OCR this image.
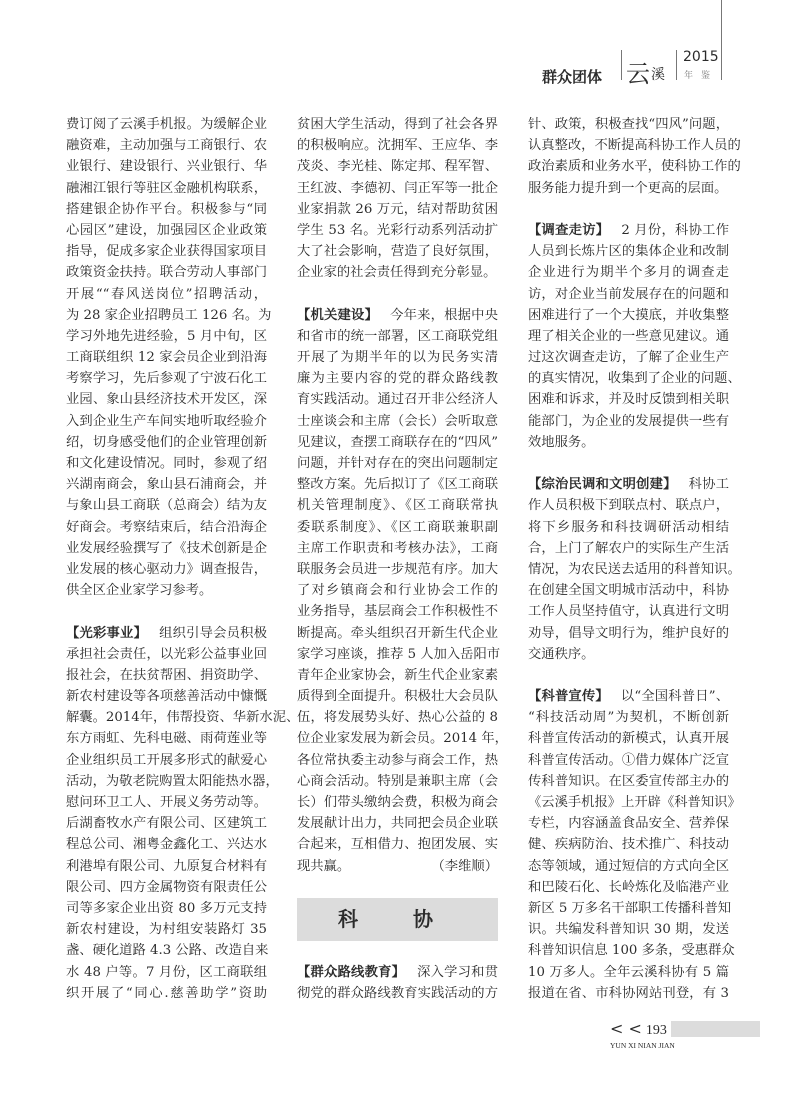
群众团体 云 溪
2015
年鉴
费订阅了云溪手机报。为缓解企业
融资难，主动加强与工商银行、农
业银行、建设银行、兴业银行、华
融湘江银行等驻区金融机构联系，
搭建银企协作平台。积极参与“同
心园区”建设，加强园区企业政策
指导，促成多家企业获得国家项目
政策资金扶持。联合劳动人事部门
开展““春风送岗位”招聘活动，
为 28 家企业招聘员工 126 名。为
学习外地先进经验，5 月中旬，区
工商联组织 12 家会员企业到沿海
考察学习，先后参观了宁波石化工
业园、象山县经济技术开发区，深
入到企业生产车间实地听取经验介
绍，切身感受他们的企业管理创新
和文化建设情况。同时，参观了绍
兴湖南商会，象山县石浦商会，并
与象山县工商联（总商会）结为友
好商会。考察结束后，结合沿海企
业发展经验撰写了《技术创新是企
业发展的核心驱动力》调查报告，
供全区企业家学习参考。
【光彩事业】 组织引导会员积极
承担社会责任，以光彩公益事业回
报社会，在扶贫帮困、捐资助学、
新农村建设等各项慈善活动中慷慨
解囊。2014年，伟帮投资、华新水泥、
东方雨虹、先科电磁、雨荷莲业等
企业组织员工开展多形式的献爱心
活动，为敬老院购置太阳能热水器，
慰问环卫工人、开展义务劳动等。
后湖畜牧水产有限公司、区建筑工
程总公司、湘粤金鑫化工、兴达水
利港埠有限公司、九原复合材料有
限公司、四方金属物资有限责任公
司等多家企业出资 80 多万元支持
新农村建设，为村组安装路灯 35
盏、硬化道路 4.3 公路、改造自来
水 48 户等。7 月份，区工商联组
织开展了“同心.慈善助学”资助
贫困大学生活动，得到了社会各界
的积极响应。沈拥军、王应华、李
茂炎、李光桂、陈定邦、程军智、
王红波、李德初、闫正军等一批企
业家捐款 26 万元，结对帮助贫困
学生 53 名。光彩行动系列活动扩
大了社会影响，营造了良好氛围，
企业家的社会责任得到充分彰显。
【机关建设】 今年来，根据中央
和省市的统一部署，区工商联党组
开展了为期半年的以为民务实清
廉为主要内容的党的群众路线教
育实践活动。通过召开非公经济人
士座谈会和主席（会长）会听取意
见建议，查摆工商联存在的“四风”
问题，并针对存在的突出问题制定
整改方案。先后拟订了《区工商联
机关管理制度》、《区工商联常执
委联系制度》、《区工商联兼职副
主席工作职责和考核办法》，工商
联服务会员进一步规范有序。加大
了对乡镇商会和行业协会工作的
业务指导，基层商会工作积极性不
断提高。牵头组织召开新生代企业
家学习座谈，推荐 5 人加入岳阳市
青年企业家协会，新生代企业家素
质得到全面提升。积极壮大会员队
伍，将发展势头好、热心公益的 8
位企业家发展为新会员。2014 年，
各位常执委主动参与商会工作，热
心商会活动。特别是兼职主席（会
长）们带头缴纳会费，积极为商会
发展献计出力，共同把会员企业联
合起来，互相借力、抱团发展、实
现共赢。	（李维顺）
科 协
【群众路线教育】 深入学习和贯
彻党的群众路线教育实践活动的方
针、政策，积极查找“四风”问题，
认真整改，不断提高科协工作人员的
政治素质和业务水平，使科协工作的
服务能力提升到一个更高的层面。
【调查走访】 2 月份，科协工作
人员到长炼片区的集体企业和改制
企业进行为期半个多月的调查走
访，对企业当前发展存在的问题和
困难进行了一个大摸底，并收集整
理了相关企业的一些意见建议。通
过这次调查走访，了解了企业生产
的真实情况，收集到了企业的问题、
困难和诉求，并及时反馈到相关职
能部门，为企业的发展提供一些有
效地服务。
【综治民调和文明创建】 科协工
作人员积极下到联点村、联点户，
将下乡服务和科技调研活动相结
合，上门了解农户的实际生产生活
情况，为农民送去适用的科普知识。
在创建全国文明城市活动中，科协
工作人员坚持值守，认真进行文明
劝导，倡导文明行为，维护良好的
交通秩序。
【科普宣传】 以“全国科普日”、
“科技活动周”为契机，不断创新
科普宣传活动的新模式，认真开展
科普宣传活动。①借力媒体广泛宣
传科普知识。在区委宣传部主办的
《云溪手机报》上开辟《科普知识》
专栏，内容涵盖食品安全、营养保
健、疾病防治、技术推广、科技动
态等领域，通过短信的方式向全区
和巴陵石化、长岭炼化及临港产业
新区 5 万多名干部职工传播科普知
识。共编发科普知识 30 期，发送
科普知识信息 100 多条，受惠群众
10 万多人。全年云溪科协有 5 篇
报道在省、市科协网站刊登，有 3
< < 193
YUN XI NIAN JIAN
